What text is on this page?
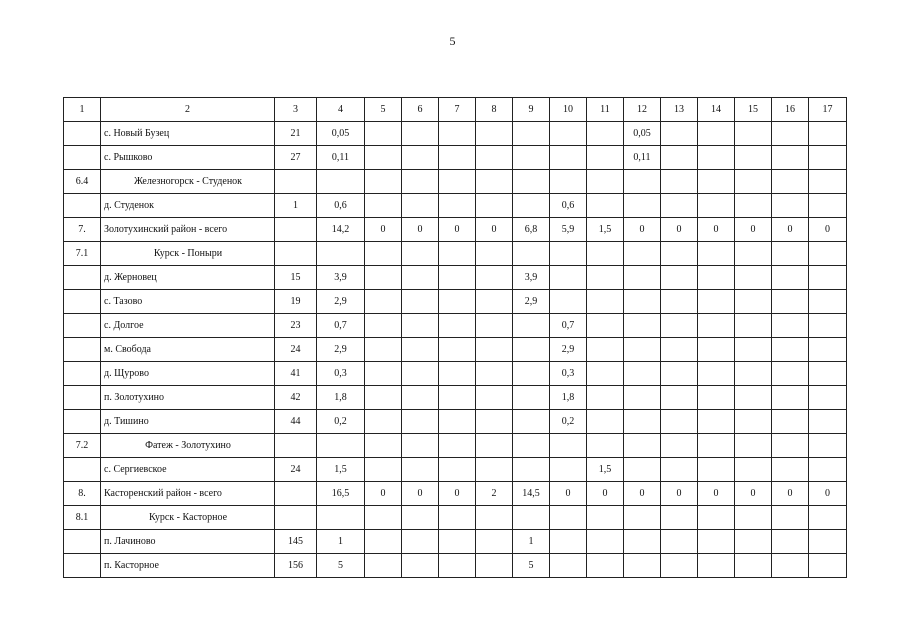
5
1	2	3	4	5	6	7	8	9	10	11	12	13	14	15	16	17
	с. Новый Бузец	21	0,05								0,05					
	с. Рышково	27	0,11								0,11					
6.4	Железногорск - Студенок															
	д. Студенок	1	0,6						0,6							
7.	Золотухинский район - всего		14,2	0	0	0	0	6,8	5,9	1,5	0	0	0	0	0	0
7.1	Курск - Поныри															
	д. Жерновец	15	3,9					3,9								
	с. Тазово	19	2,9					2,9								
	с. Долгое	23	0,7						0,7							
	м. Свобода	24	2,9						2,9							
	д. Щурово	41	0,3						0,3							
	п. Золотухино	42	1,8						1,8							
	д. Тишино	44	0,2						0,2							
7.2	Фатеж - Золотухино															
	с. Сергиевское	24	1,5							1,5						
8.	Касторенский район - всего		16,5	0	0	0	2	14,5	0	0	0	0	0	0	0	0
8.1	Курск - Касторное															
	п. Лачиново	145	1					1								
	п. Касторное	156	5					5								
